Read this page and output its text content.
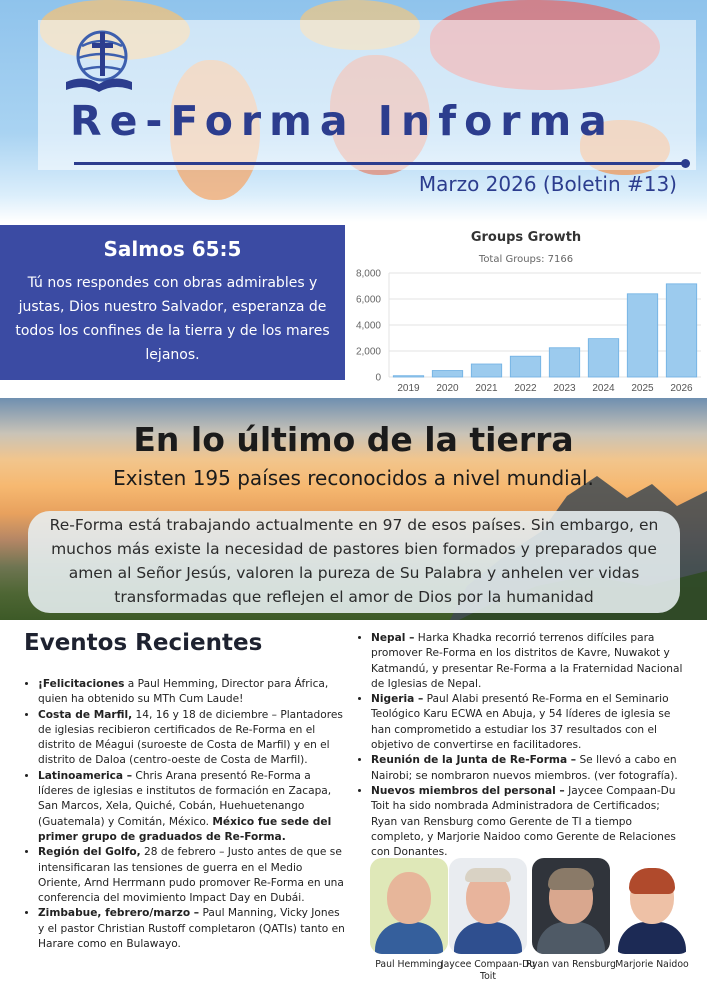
Re-Forma Informa
Marzo 2026 (Boletin #13)
Salmos 65:5

Tú nos respondes con obras admirables y justas, Dios nuestro Salvador, esperanza de todos los confines de la tierra y de los mares lejanos.

Groups Growth
Total Groups: 7166
0
2,000
4,000
6,000
8,000
2019 2020 2021 2022 2023 2024 2025 2026
En lo último de la tierra
Existen 195 países reconocidos a nivel mundial.
Re-Forma está trabajando actualmente en 97 de esos países. Sin embargo, en muchos más existe la necesidad de pastores bien formados y preparados que amen al Señor Jesús, valoren la pureza de Su Palabra y anhelen ver vidas transformadas que reflejen el amor de Dios por la humanidad
Eventos Recientes
• ¡Felicitaciones a Paul Hemming, Director para África, quien ha obtenido su MTh Cum Laude!
• Costa de Marfil, 14, 16 y 18 de diciembre – Plantadores de iglesias recibieron certificados de Re-Forma en el distrito de Méagui (suroeste de Costa de Marfil) y en el distrito de Daloa (centro-oeste de Costa de Marfil).
• Latinoamerica – Chris Arana presentó Re-Forma a líderes de iglesias e institutos de formación en Zacapa, San Marcos, Xela, Quiché, Cobán, Huehuetenango (Guatemala) y Comitán, México. México fue sede del primer grupo de graduados de Re-Forma.
• Región del Golfo, 28 de febrero – Justo antes de que se intensificaran las tensiones de guerra en el Medio Oriente, Arnd Herrmann pudo promover Re-Forma en una conferencia del movimiento Impact Day en Dubái.
• Zimbabue, febrero/marzo – Paul Manning, Vicky Jones y el pastor Christian Rustoff completaron (QATIs) tanto en Harare como en Bulawayo.
• Nepal – Harka Khadka recorrió terrenos difíciles para promover Re-Forma en los distritos de Kavre, Nuwakot y Katmandú, y presentar Re-Forma a la Fraternidad Nacional de Iglesias de Nepal.
• Nigeria – Paul Alabi presentó Re-Forma en el Seminario Teológico Karu ECWA en Abuja, y 54 líderes de iglesia se han comprometido a estudiar los 37 resultados con el objetivo de convertirse en facilitadores.
• Reunión de la Junta de Re-Forma – Se llevó a cabo en Nairobi; se nombraron nuevos miembros. (ver fotografía).
• Nuevos miembros del personal – Jaycee Compaan-Du Toit ha sido nombrada Administradora de Certificados; Ryan van Rensburg como Gerente de TI a tiempo completo, y Marjorie Naidoo como Gerente de Relaciones con Donantes.
Paul Hemming
Jaycee Compaan-Du Toit
Ryan van Rensburg Marjorie Naidoo
